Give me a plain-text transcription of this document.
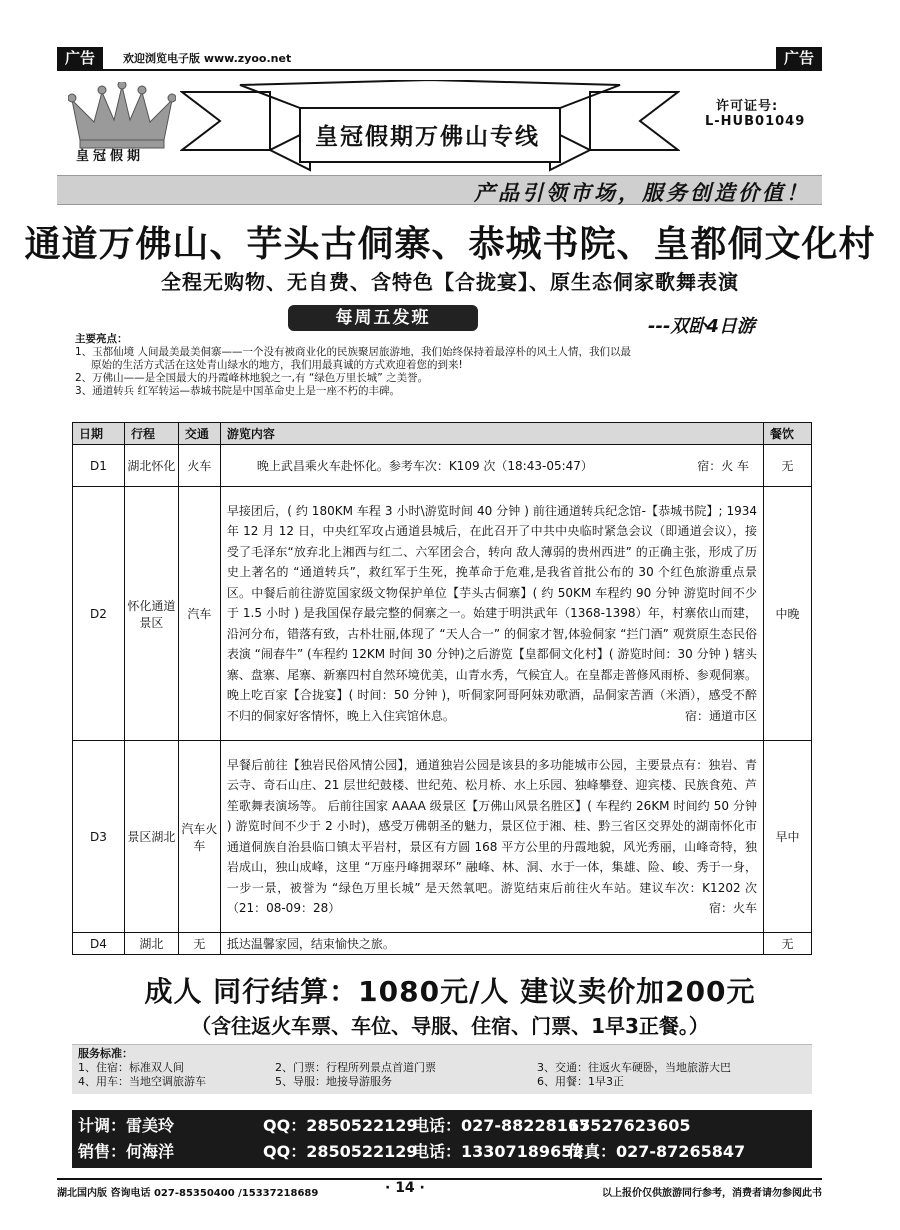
广告	欢迎浏览电子版 www.zyoo.net	广告
皇冠假期
皇冠假期万佛山专线
许可证号:
L-HUB01049
产品引领市场，服务创造价值！
通道万佛山、芋头古侗寨、恭城书院、皇都侗文化村
全程无购物、无自费、含特色【合拢宴】、原生态侗家歌舞表演
每周五发班	---双卧4日游

主要亮点：

1、玉都仙境 人间最美最美侗寨——一个没有被商业化的民族聚居旅游地，我们始终保持着最淳朴的风土人情，我们以最

原始的生活方式活在这处青山绿水的地方，我们用最真诚的方式欢迎着您的到来!

2、万佛山——是全国最大的丹霞峰林地貌之一,有 “绿色万里长城” 之美誉。

3、通道转兵 红军转运—恭城书院是中国革命史上是一座不朽的丰碑。

日期	行程	交通	游览内容	餐饮
D1	湖北怀化	火车	晚上武昌乘火车赴怀化。参考车次：K109 次（18:43-05:47） 宿：火 车	无
D2	怀化通道景区	汽车	早接团后，( 约 180KM 车程 3 小时\游览时间 40 分钟 ) 前往通道转兵纪念馆-【恭城书院】; 1934 年 12 月 12 日，中央红军攻占通道县城后，在此召开了中共中央临时紧急会议（即通道会议），接受了毛泽东“放弃北上湘西与红二、六军团会合，转向 敌人薄弱的贵州西进” 的正确主张，形成了历史上著名的 “通道转兵”，救红军于生死，挽革命于危难,是我省首批公布的 30 个红色旅游重点景区。中餐后前往游览国家级文物保护单位【芋头古侗寨】( 约 50KM 车程约 90 分钟 游览时间不少于 1.5 小时 ) 是我国保存最完整的侗寨之一。始建于明洪武年（1368-1398）年，村寨依山而建，沿河分布，错落有致，古朴壮丽,体现了 “天人合一” 的侗家才智,体验侗家 “拦门酒” 观赏原生态民俗表演 “闹春牛” (车程约 12KM 时间 30 分钟)之后游览【皇都侗文化村】( 游览时间：30 分钟 ) 辖头寨、盘寨、尾寨、新寨四村自然环境优美，山青水秀，气候宜人。在皇都走普修风雨桥、参观侗寨。晚上吃百家【合拢宴】( 时间：50 分钟 )，听侗家阿哥阿妹劝歌酒，品侗家苦酒（米酒），感受不醉不归的侗家好客情怀，晚上入住宾馆休息。 宿：通道市区	中晚
D3	景区湖北	汽车火车	早餐后前往【独岩民俗风情公园】，通道独岩公园是该县的多功能城市公园，主要景点有：独岩、青云寺、奇石山庄、21 层世纪鼓楼、世纪苑、松月桥、水上乐园、独峰攀登、迎宾楼、民族食苑、芦笙歌舞表演场等。 后前往国家 AAAA 级景区【万佛山风景名胜区】( 车程约 26KM 时间约 50 分钟 ) 游览时间不少于 2 小时)，感受万佛朝圣的魅力，景区位于湘、桂、黔三省区交界处的湖南怀化市通道侗族自治县临口镇太平岩村，景区有方圆 168 平方公里的丹霞地貌，风光秀丽，山峰奇特，独岩成山，独山成峰，这里 “万座丹峰拥翠环” 融峰、林、洞、水于一体，集雄、险、峻、秀于一身，一步一景，被誉为 “绿色万里长城” 是天然氧吧。游览结束后前往火车站。建议车次：K1202 次（21：08-09：28） 宿：火车	早中
D4	湖北	无	抵达温馨家园，结束愉快之旅。	无
成人 同行结算：1080元/人 建议卖价加200元
（含往返火车票、车位、导服、住宿、门票、1早3正餐。）
服务标准：
1、住宿：标准双人间	2、门票：行程所列景点首道门票	3、交通：往返火车硬卧，当地旅游大巴
4、用车：当地空调旅游车	5、导服：地接导游服务	6、用餐：1早3正
计调：雷美玲	QQ：2850522129
电话：027-88228167
15527623605
销售：何海洋	QQ：2850522129
电话：13307189652
传真：027-87265847
湖北国内版 咨询电话 027-85350400 /15337218689	· 14 ·	以上报价仅供旅游同行参考，消费者请勿参阅此书
